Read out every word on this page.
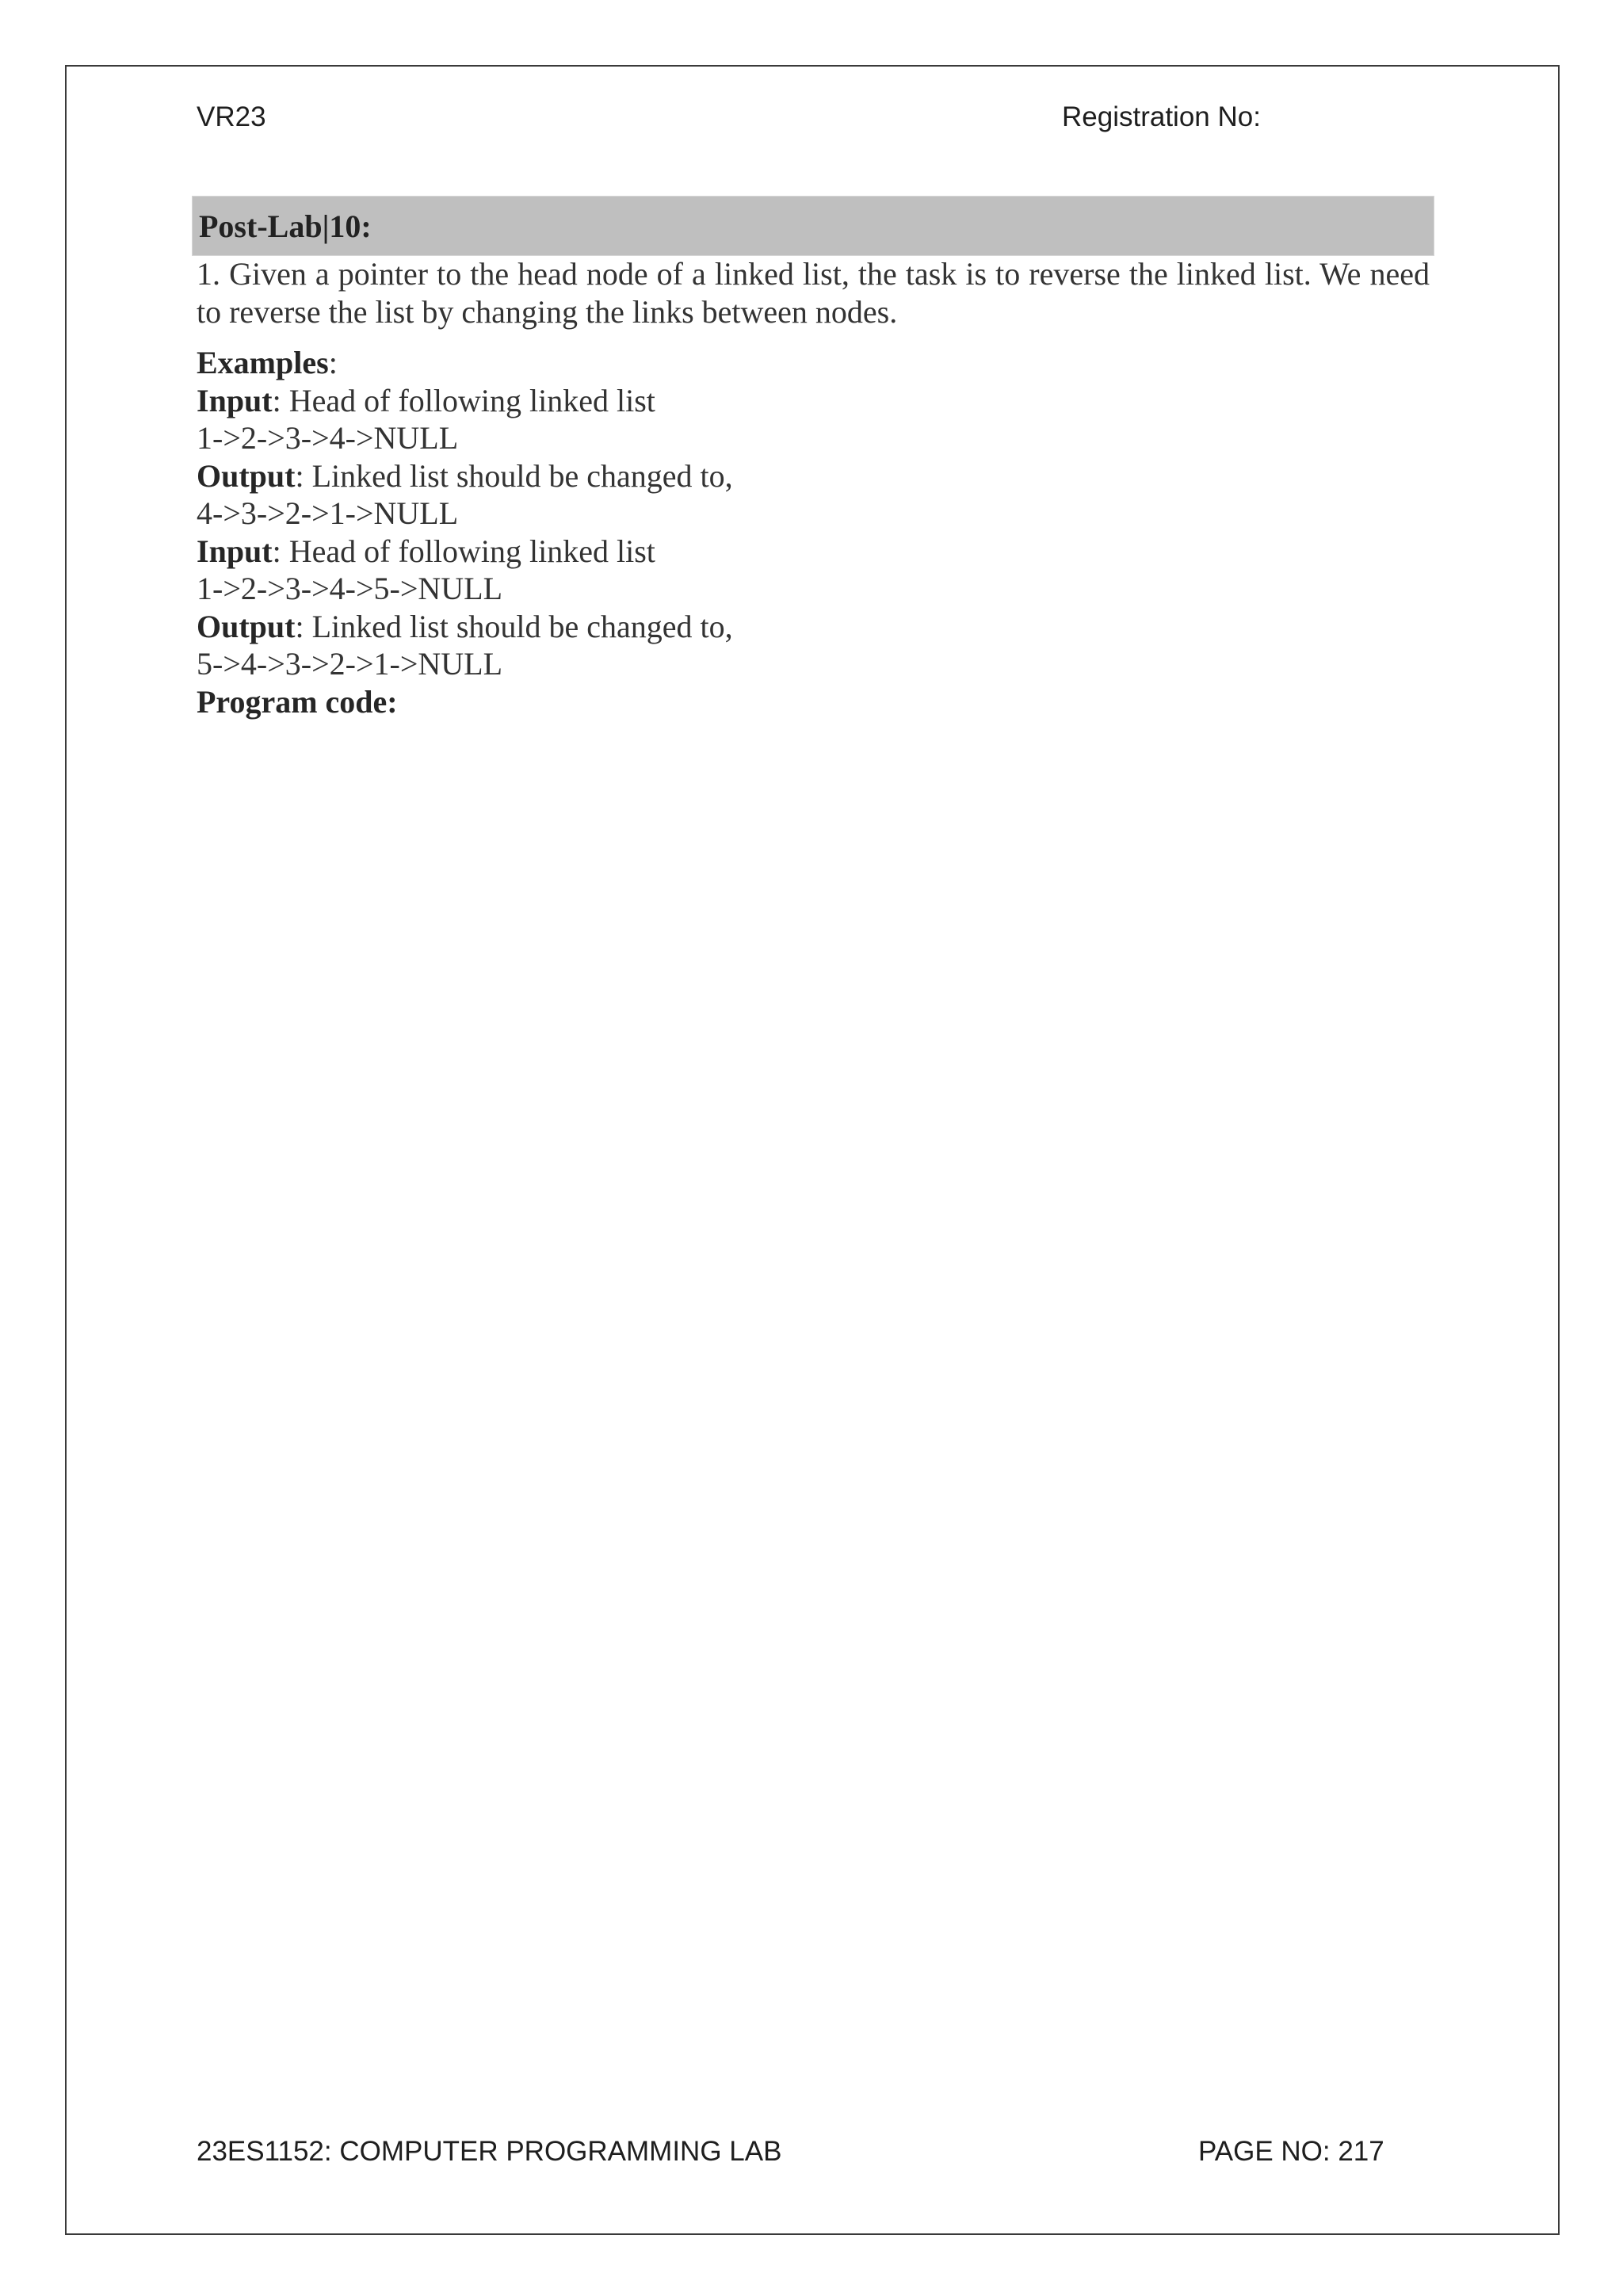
VR23	Registration No:
Post-Lab|10:

1. Given a pointer to the head node of a linked list, the task is to reverse the linked list. We need to reverse the list by changing the links between nodes.

Examples:
Input: Head of following linked list
1->2->3->4->NULL
Output: Linked list should be changed to,
4->3->2->1->NULL
Input: Head of following linked list
1->2->3->4->5->NULL
Output: Linked list should be changed to,
5->4->3->2->1->NULL
Program code:
23ES1152: COMPUTER PROGRAMMING LAB	PAGE NO: 217
